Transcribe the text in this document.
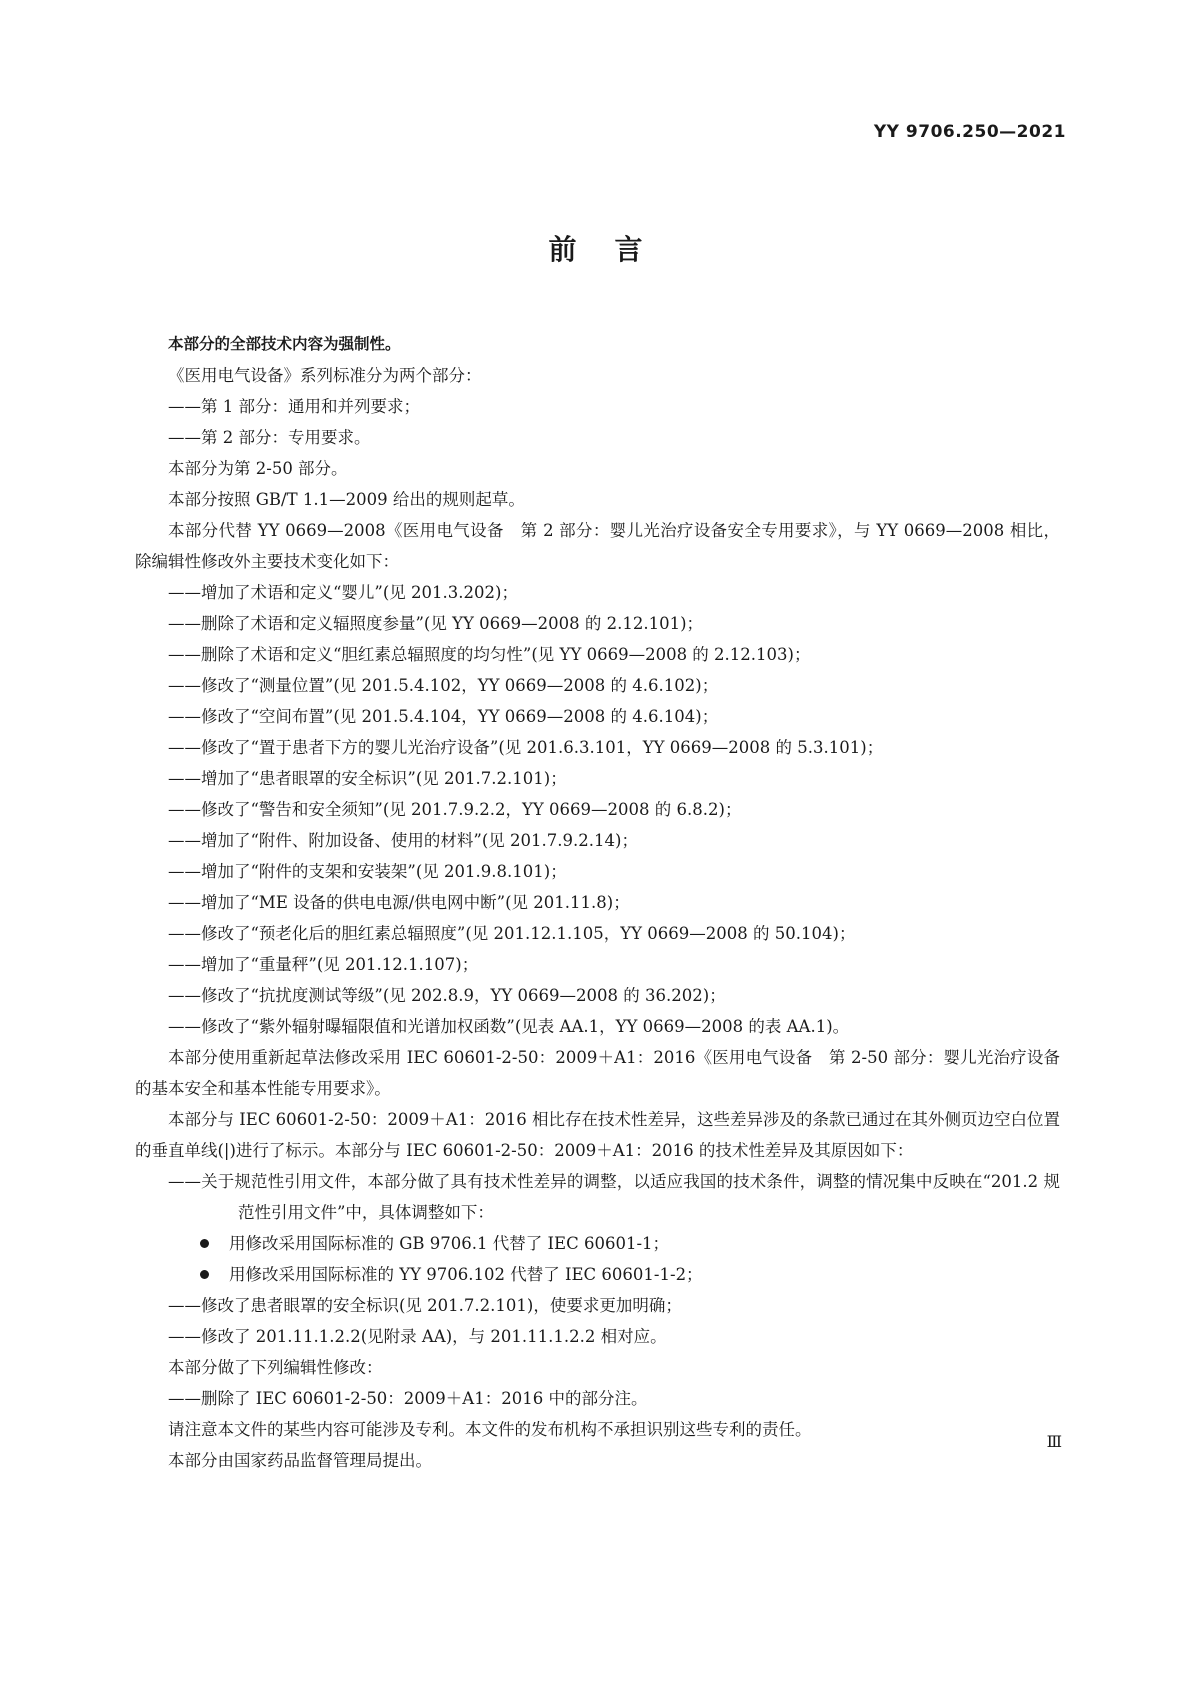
YY 9706.250—2021
前言

本部分的全部技术内容为强制性。

《医用电气设备》系列标准分为两个部分：

——第 1 部分：通用和并列要求；

——第 2 部分：专用要求。

本部分为第 2-50 部分。

本部分按照 GB/T 1.1—2009 给出的规则起草。

本部分代替 YY 0669—2008《医用电气设备　第 2 部分：婴儿光治疗设备安全专用要求》，与 YY 0669—2008 相比，除编辑性修改外主要技术变化如下：

——增加了术语和定义“婴儿”(见 201.3.202)；

——删除了术语和定义辐照度参量”(见 YY 0669—2008 的 2.12.101)；

——删除了术语和定义“胆红素总辐照度的均匀性”(见 YY 0669—2008 的 2.12.103)；

——修改了“测量位置”(见 201.5.4.102，YY 0669—2008 的 4.6.102)；

——修改了“空间布置”(见 201.5.4.104，YY 0669—2008 的 4.6.104)；

——修改了“置于患者下方的婴儿光治疗设备”(见 201.6.3.101，YY 0669—2008 的 5.3.101)；

——增加了“患者眼罩的安全标识”(见 201.7.2.101)；

——修改了“警告和安全须知”(见 201.7.9.2.2，YY 0669—2008 的 6.8.2)；

——增加了“附件、附加设备、使用的材料”(见 201.7.9.2.14)；

——增加了“附件的支架和安装架”(见 201.9.8.101)；

——增加了“ME 设备的供电电源/供电网中断”(见 201.11.8)；

——修改了“预老化后的胆红素总辐照度”(见 201.12.1.105，YY 0669—2008 的 50.104)；

——增加了“重量秤”(见 201.12.1.107)；

——修改了“抗扰度测试等级”(见 202.8.9，YY 0669—2008 的 36.202)；

——修改了“紫外辐射曝辐限值和光谱加权函数”(见表 AA.1，YY 0669—2008 的表 AA.1)。

本部分使用重新起草法修改采用 IEC 60601-2-50：2009＋A1：2016《医用电气设备　第 2-50 部分：婴儿光治疗设备的基本安全和基本性能专用要求》。

本部分与 IEC 60601-2-50：2009＋A1：2016 相比存在技术性差异，这些差异涉及的条款已通过在其外侧页边空白位置的垂直单线(|)进行了标示。本部分与 IEC 60601-2-50：2009＋A1：2016 的技术性差异及其原因如下：

——关于规范性引用文件，本部分做了具有技术性差异的调整，以适应我国的技术条件，调整的情况集中反映在“201.2 规范性引用文件”中，具体调整如下：

用修改采用国际标准的 GB 9706.1 代替了 IEC 60601-1；

用修改采用国际标准的 YY 9706.102 代替了 IEC 60601-1-2；

——修改了患者眼罩的安全标识(见 201.7.2.101)，使要求更加明确；

——修改了 201.11.1.2.2(见附录 AA)，与 201.11.1.2.2 相对应。

本部分做了下列编辑性修改：

——删除了 IEC 60601-2-50：2009＋A1：2016 中的部分注。

请注意本文件的某些内容可能涉及专利。本文件的发布机构不承担识别这些专利的责任。

本部分由国家药品监督管理局提出。

Ⅲ
